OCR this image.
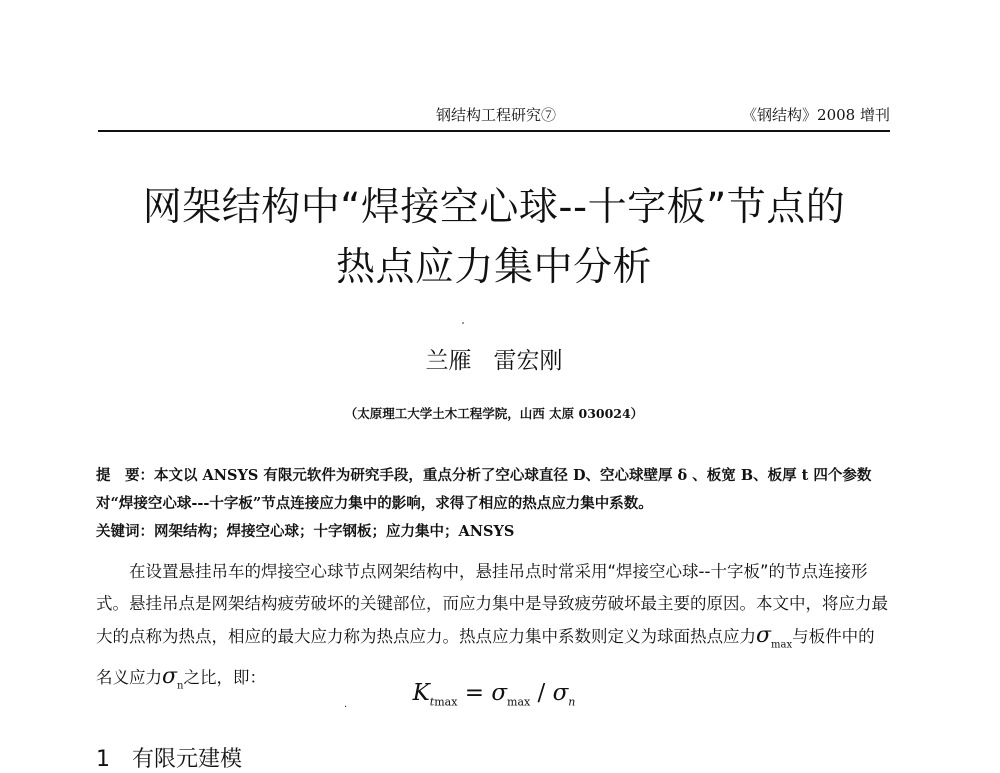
钢结构工程研究⑦	《钢结构》2008 增刊
网架结构中“焊接空心球--十字板”节点的
热点应力集中分析
兰雁 雷宏刚
（太原理工大学土木工程学院，山西 太原 030024）
提　要：本文以 ANSYS 有限元软件为研究手段，重点分析了空心球直径 D、空心球壁厚 δ 、板宽 B、板厚 t 四个参数对“焊接空心球---十字板”节点连接应力集中的影响，求得了相应的热点应力集中系数。
关键词：网架结构；焊接空心球；十字钢板；应力集中；ANSYS
在设置悬挂吊车的焊接空心球节点网架结构中，悬挂吊点时常采用“焊接空心球--十字板”的节点连接形式。悬挂吊点是网架结构疲劳破坏的关键部位，而应力集中是导致疲劳破坏最主要的原因。本文中，将应力最大的点称为热点，相应的最大应力称为热点应力。热点应力集中系数则定义为球面热点应力$\sigma_{max}$与板件中的名义应力$\sigma_n$之比，即：
·
$K_{tmax} = \sigma_{max} / \sigma_n$
1 有限元建模
